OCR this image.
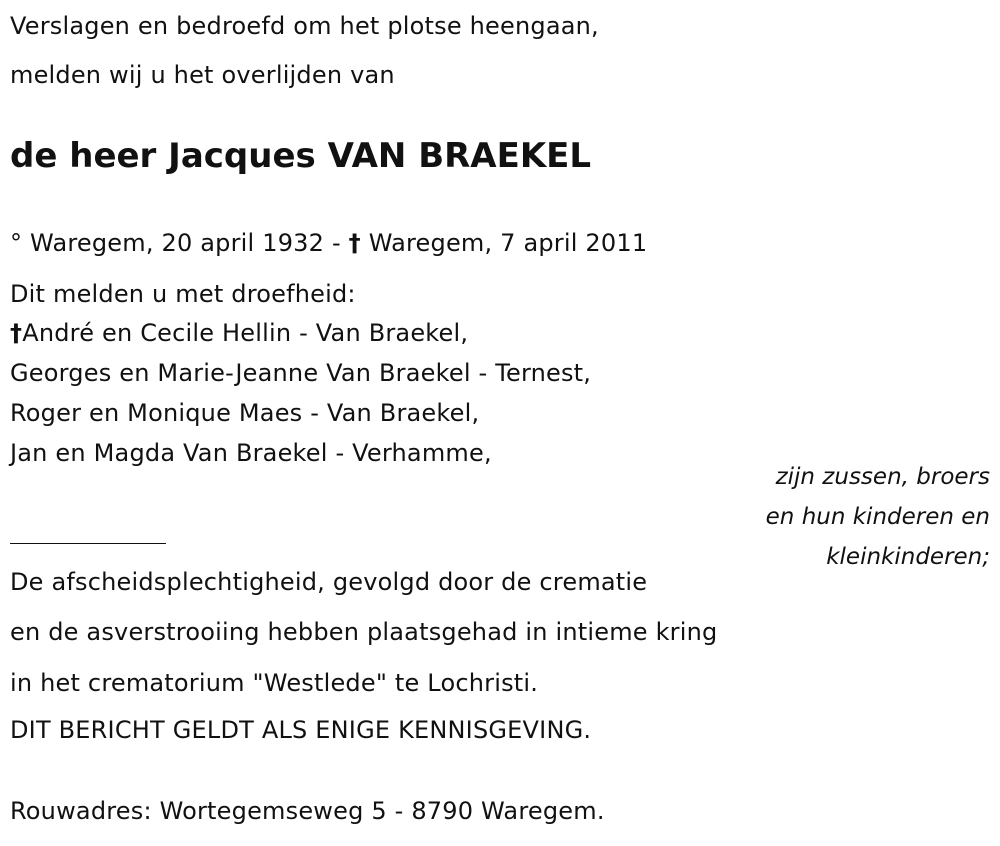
Verslagen en bedroefd om het plotse heengaan,
melden wij u het overlijden van
de heer Jacques VAN BRAEKEL
° Waregem, 20 april 1932 - † Waregem, 7 april 2011
Dit melden u met droefheid:
†André en Cecile Hellin - Van Braekel,
Georges en Marie-Jeanne Van Braekel - Ternest,
Roger en Monique Maes - Van Braekel,
Jan en Magda Van Braekel - Verhamme,
zijn zussen, broers
en hun kinderen en
kleinkinderen;
De afscheidsplechtigheid, gevolgd door de crematie
en de asverstrooiing hebben plaatsgehad in intieme kring
in het crematorium "Westlede" te Lochristi.
DIT BERICHT GELDT ALS ENIGE KENNISGEVING.
Rouwadres: Wortegemseweg 5 - 8790 Waregem.
